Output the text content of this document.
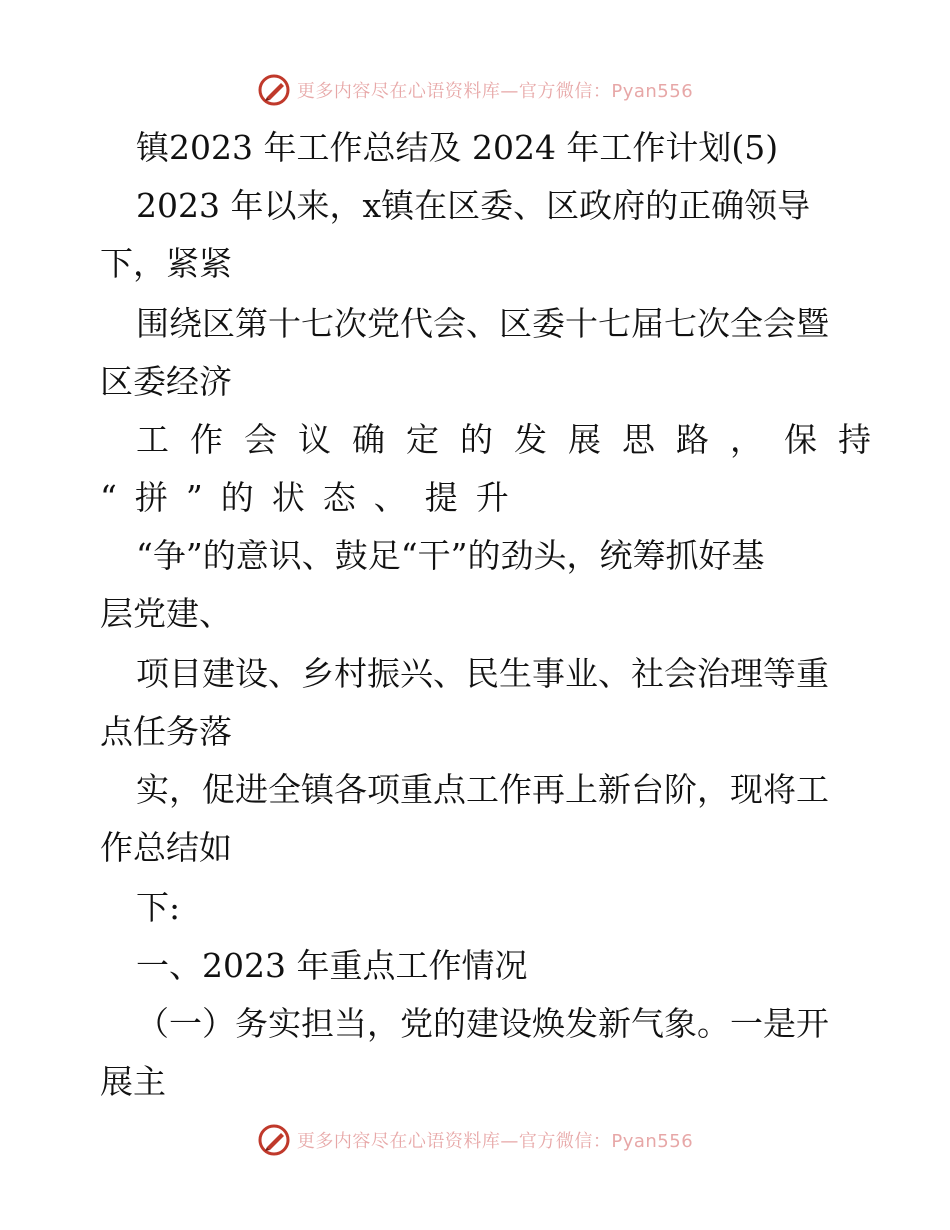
更多内容尽在心语资料库—官方微信：Pyan556
镇2023 年工作总结及 2024 年工作计划(5)
2023 年以来，x镇在区委、区政府的正确领导
下，紧紧
围绕区第十七次党代会、区委十七届七次全会暨
区委经济
工作会议确定的发展思路，保持
“拼”的状态、提升
“争”的意识、鼓足“干”的劲头，统筹抓好基
层党建、
项目建设、乡村振兴、民生事业、社会治理等重
点任务落
实，促进全镇各项重点工作再上新台阶，现将工
作总结如
下:
一、2023 年重点工作情况
（一）务实担当，党的建设焕发新气象。一是开
展主
更多内容尽在心语资料库—官方微信：Pyan556
